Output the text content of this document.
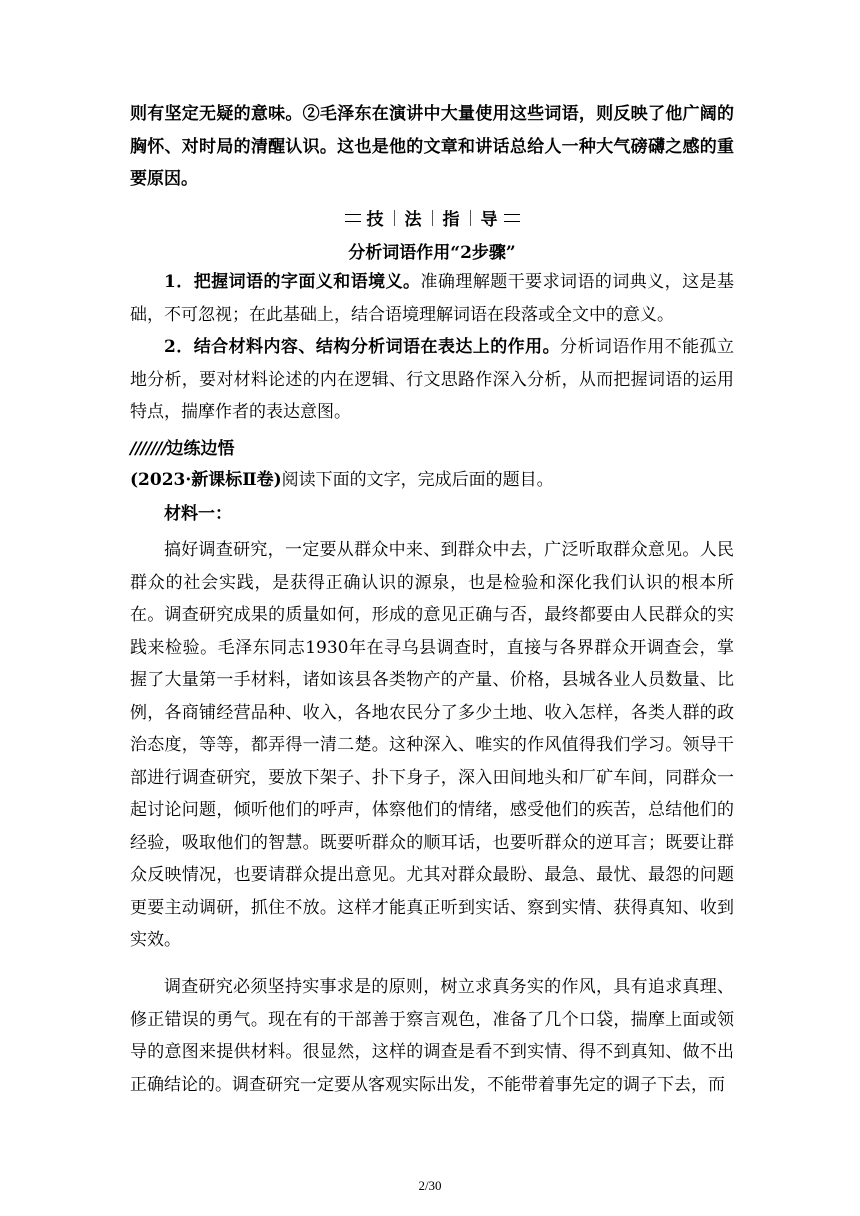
则有坚定无疑的意味。②毛泽东在演讲中大量使用这些词语，则反映了他广阔的胸怀、对时局的清醒认识。这也是他的文章和讲话总给人一种大气磅礴之感的重要原因。

技 法 指 导
分析词语作用“2步骤”

1．把握词语的字面义和语境义。准确理解题干要求词语的词典义，这是基础，不可忽视；在此基础上，结合语境理解词语在段落或全文中的意义。

2．结合材料内容、结构分析词语在表达上的作用。分析词语作用不能孤立地分析，要对材料论述的内在逻辑、行文思路作深入分析，从而把握词语的运用特点，揣摩作者的表达意图。

///////边练边悟

(2023·新课标Ⅱ卷)阅读下面的文字，完成后面的题目。

材料一：

搞好调查研究，一定要从群众中来、到群众中去，广泛听取群众意见。人民群众的社会实践，是获得正确认识的源泉，也是检验和深化我们认识的根本所在。调查研究成果的质量如何，形成的意见正确与否，最终都要由人民群众的实践来检验。毛泽东同志1930年在寻乌县调查时，直接与各界群众开调查会，掌握了大量第一手材料，诸如该县各类物产的产量、价格，县城各业人员数量、比例，各商铺经营品种、收入，各地农民分了多少土地、收入怎样，各类人群的政治态度，等等，都弄得一清二楚。这种深入、唯实的作风值得我们学习。领导干部进行调查研究，要放下架子、扑下身子，深入田间地头和厂矿车间，同群众一起讨论问题，倾听他们的呼声，体察他们的情绪，感受他们的疾苦，总结他们的经验，吸取他们的智慧。既要听群众的顺耳话，也要听群众的逆耳言；既要让群众反映情况，也要请群众提出意见。尤其对群众最盼、最急、最忧、最怨的问题更要主动调研，抓住不放。这样才能真正听到实话、察到实情、获得真知、收到实效。

调查研究必须坚持实事求是的原则，树立求真务实的作风，具有追求真理、修正错误的勇气。现在有的干部善于察言观色，准备了几个口袋，揣摩上面或领导的意图来提供材料。很显然，这样的调查是看不到实情、得不到真知、做不出正确结论的。调查研究一定要从客观实际出发，不能带着事先定的调子下去，而

2/30
